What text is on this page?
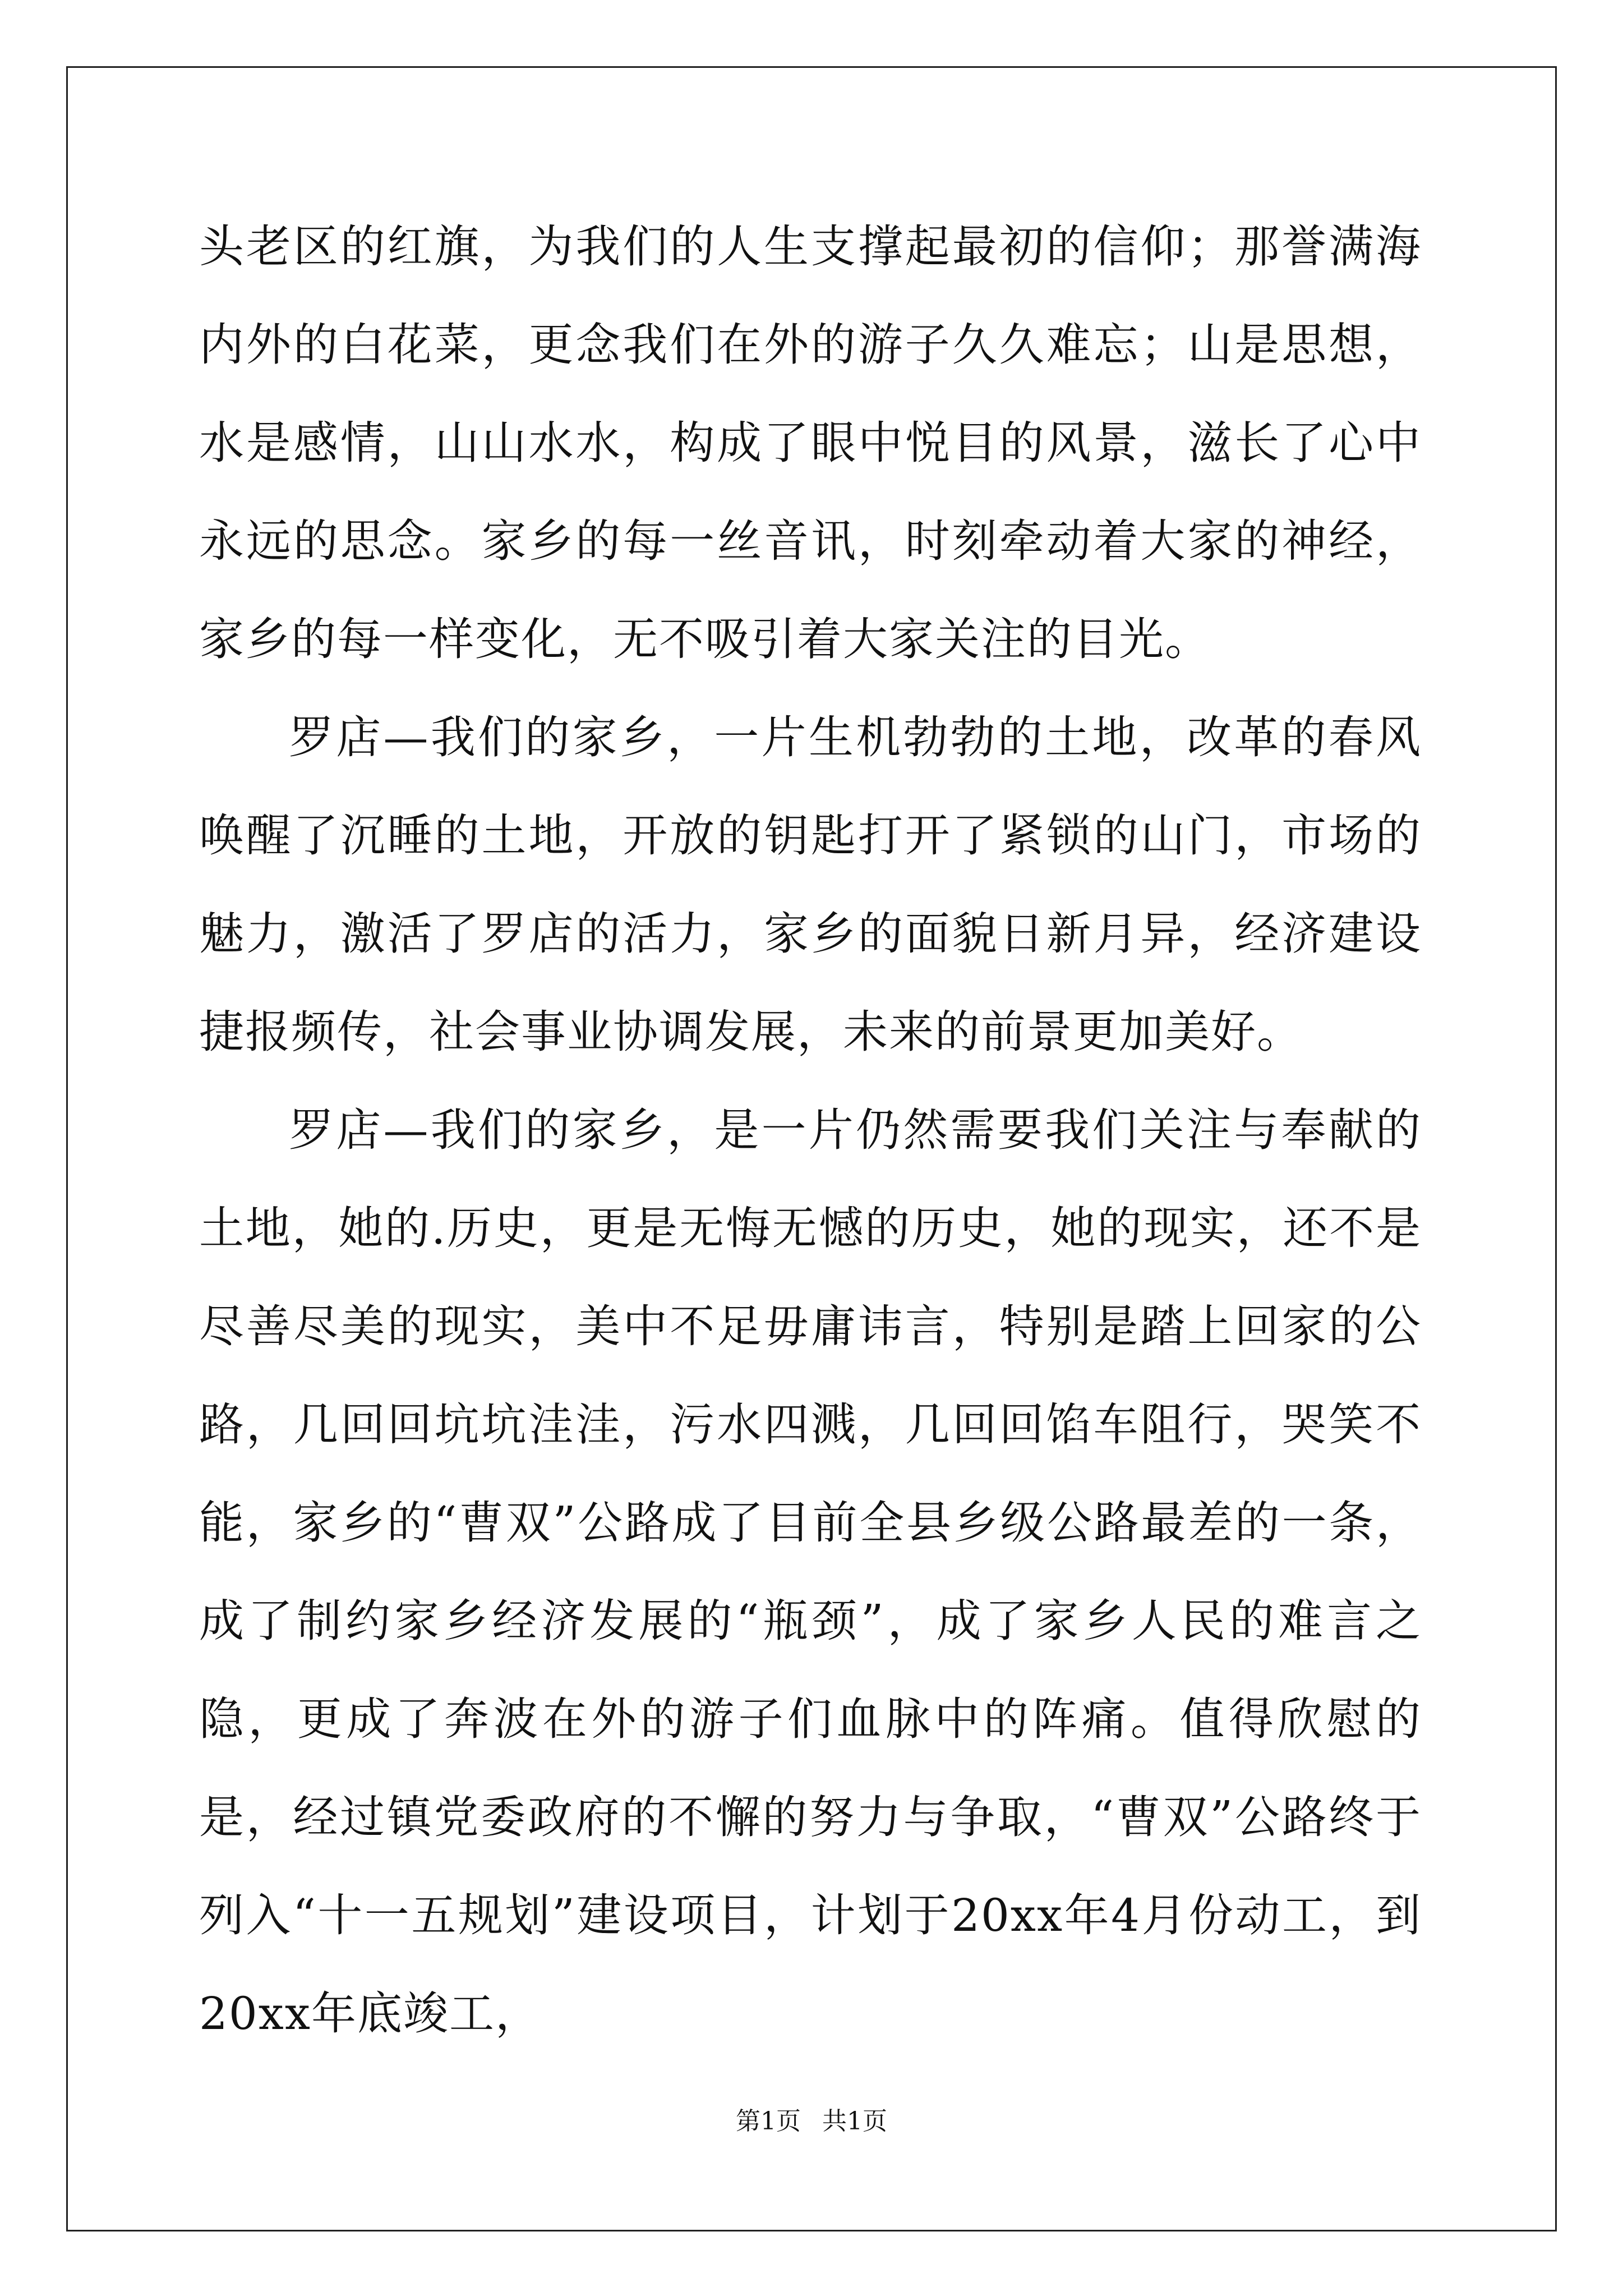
头老区的红旗，为我们的人生支撑起最初的信仰；那誉满海内外的白花菜，更念我们在外的游子久久难忘；山是思想，水是感情，山山水水，构成了眼中悦目的风景，滋长了心中永远的思念。家乡的每一丝音讯，时刻牵动着大家的神经，家乡的每一样变化，无不吸引着大家关注的目光。

罗店—我们的家乡，一片生机勃勃的土地，改革的春风唤醒了沉睡的土地，开放的钥匙打开了紧锁的山门，市场的魅力，激活了罗店的活力，家乡的面貌日新月异，经济建设捷报频传，社会事业协调发展，未来的前景更加美好。

罗店—我们的家乡，是一片仍然需要我们关注与奉献的土地，她的.历史，更是无悔无憾的历史，她的现实，还不是尽善尽美的现实，美中不足毋庸讳言，特别是踏上回家的公路，几回回坑坑洼洼，污水四溅，几回回馅车阻行，哭笑不能，家乡的“曹双”公路成了目前全县乡级公路最差的一条，成了制约家乡经济发展的“瓶颈”，成了家乡人民的难言之隐，更成了奔波在外的游子们血脉中的阵痛。值得欣慰的是，经过镇党委政府的不懈的努力与争取，“曹双”公路终于列入“十一五规划”建设项目，计划于20xx年4月份动工，到20xx年底竣工，

第1页 共1页
